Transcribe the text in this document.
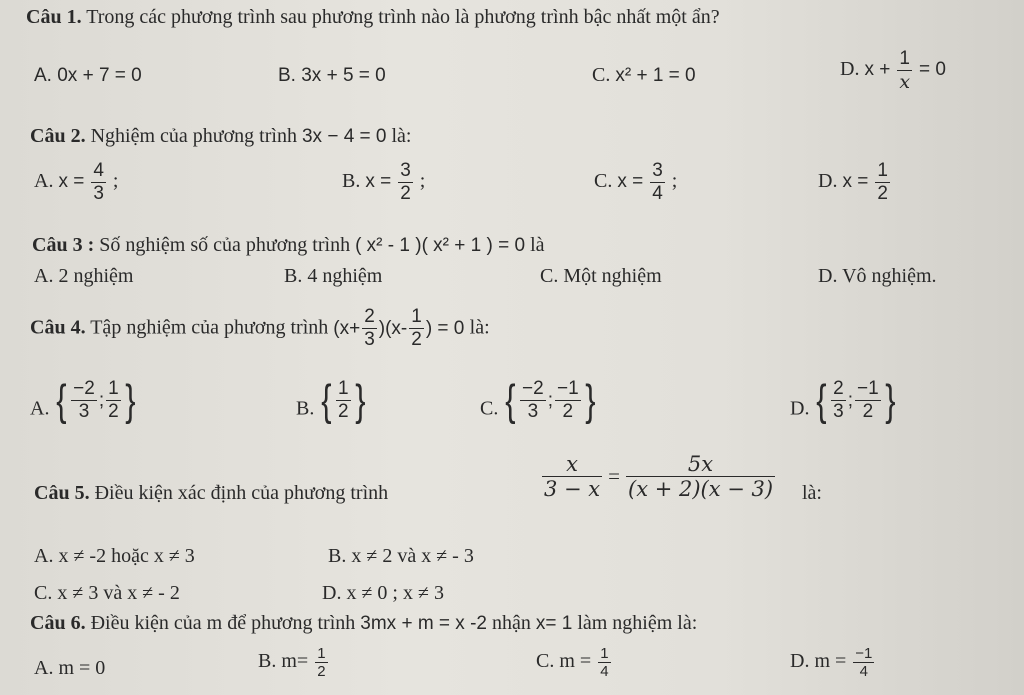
Câu 1. Trong các phương trình sau phương trình nào là phương trình bậc nhất một ẩn?
A. 0x + 7 = 0	B. 3x + 5 = 0	C. x² + 1 = 0	D. $x + \frac{1}{x} = 0$
Câu 2. Nghiệm của phương trình 3x − 4 = 0 là:
A. $x = \frac{4}{3}$ ;	B. $x = \frac{3}{2}$ ;	C. $x = \frac{3}{4}$ ;	D. $x = \frac{1}{2}$
Câu 3 : Số nghiệm số của phương trình ( x² - 1 )( x² + 1 ) = 0 là
A. 2 nghiệm	B. 4 nghiệm	C. Một nghiệm	D. Vô nghiệm.
Câu 4. Tập nghiệm của phương trình $(x+ \frac{2}{3} )(x- \frac{1}{2}$ ) = 0 là:
A. { $\frac{-2}{3}$ ; $\frac{1}{2}$ }	B. { $\frac{1}{2}$ }	C. { $\frac{-2}{3}$ ; $\frac{-1}{2}$ }	D. { $\frac{2}{3}$ ; $\frac{-1}{2}$ }
Câu 5. Điều kiện xác định của phương trình	$\frac{x}{3 - x} = \frac{5x}{(x + 2)(x - 3)}$ là:
A. x ≠ -2 hoặc x ≠ 3	B. x ≠ 2 và x ≠ - 3
C. x ≠ 3 và x ≠ - 2	D. x ≠ 0 ; x ≠ 3
Câu 6. Điều kiện của m để phương trình 3mx + m = x -2 nhận x= 1 làm nghiệm là:
A. m = 0	B. $m= \frac{1}{2}$	C. $m = \frac{1}{4}$	D. $m = \frac{-1}{4}$
